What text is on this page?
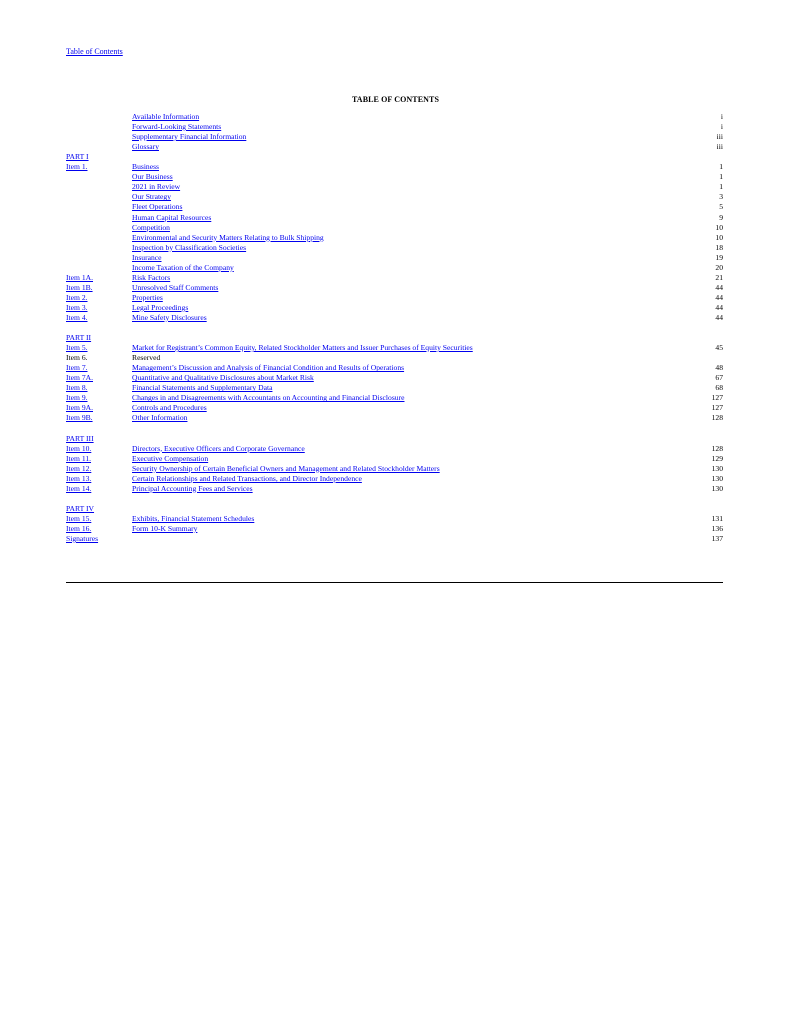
Table of Contents
TABLE OF CONTENTS
Available Information	i
Forward-Looking Statements	i
Supplementary Financial Information	iii
Glossary	iii
PART I
Item 1.	Business	1
Our Business	1
2021 in Review	1
Our Strategy	3
Fleet Operations	5
Human Capital Resources	9
Competition	10
Environmental and Security Matters Relating to Bulk Shipping	10
Inspection by Classification Societies	18
Insurance	19
Income Taxation of the Company	20
Item 1A.	Risk Factors	21
Item 1B.	Unresolved Staff Comments	44
Item 2.	Properties	44
Item 3.	Legal Proceedings	44
Item 4.	Mine Safety Disclosures	44
PART II
Item 5.	Market for Registrant’s Common Equity, Related Stockholder Matters and Issuer Purchases of Equity Securities	45
Item 6.	Reserved
Item 7.	Management’s Discussion and Analysis of Financial Condition and Results of Operations	48
Item 7A.	Quantitative and Qualitative Disclosures about Market Risk	67
Item 8.	Financial Statements and Supplementary Data	68
Item 9.	Changes in and Disagreements with Accountants on Accounting and Financial Disclosure	127
Item 9A.	Controls and Procedures	127
Item 9B.	Other Information	128
PART III
Item 10.	Directors, Executive Officers and Corporate Governance	128
Item 11.	Executive Compensation	129
Item 12.	Security Ownership of Certain Beneficial Owners and Management and Related Stockholder Matters	130
Item 13.	Certain Relationships and Related Transactions, and Director Independence	130
Item 14.	Principal Accounting Fees and Services	130
PART IV
Item 15.	Exhibits, Financial Statement Schedules	131
Item 16.	Form 10-K Summary	136
Signatures	137
